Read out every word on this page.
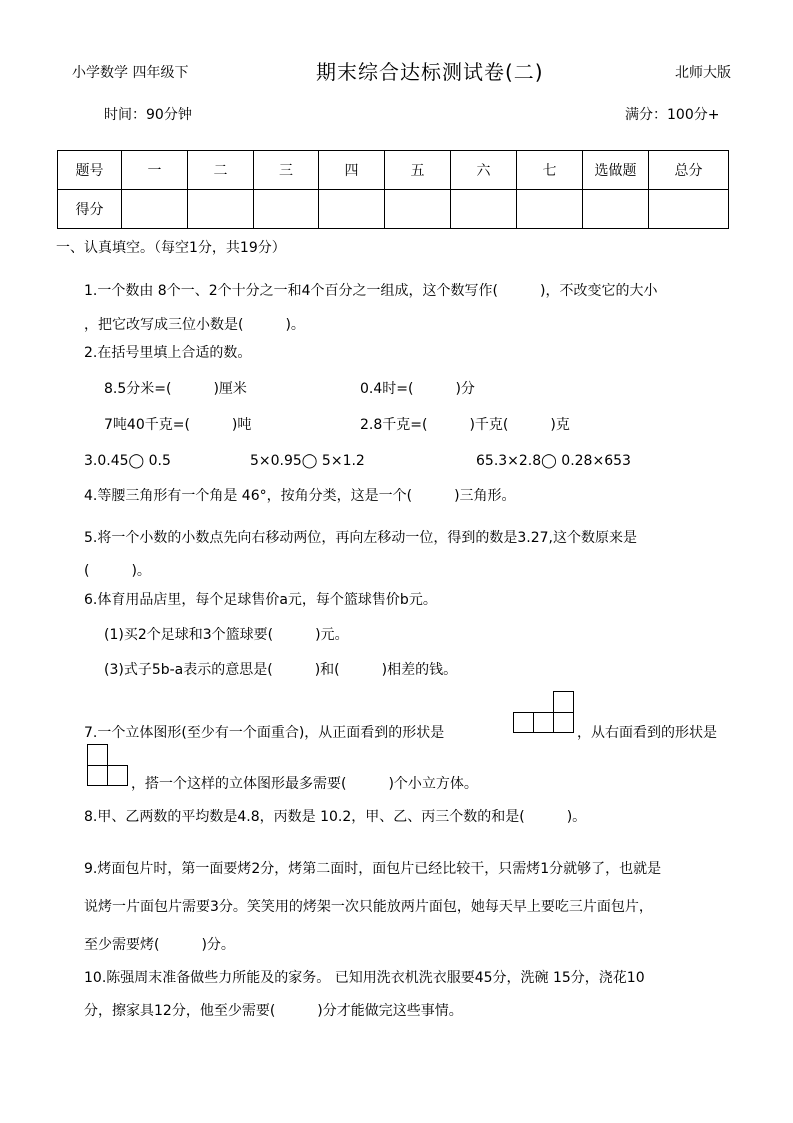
小学数学 四年级下	期末综合达标测试卷(二)	北师大版
时间：90分钟	满分：100分+
题号	一	二	三	四	五	六	七	选做题	总分
得分									
一、认真填空。（每空1分，共19分）
1.一个数由 8个一、2个十分之一和4个百分之一组成，这个数写作(　　　)，不改变它的大小
，把它改写成三位小数是(　　　)。
2.在括号里填上合适的数。
8.5分米=(　　　)厘米	0.4时=(　　　)分
7吨40千克=(　　　)吨	2.8千克=(　　　)千克(　　　)克
3.0.45◯ 0.5	5×0.95◯ 5×1.2	65.3×2.8◯ 0.28×653
4.等腰三角形有一个角是 46°，按角分类，这是一个(　　　)三角形。
5.将一个小数的小数点先向右移动两位，再向左移动一位，得到的数是3.27,这个数原来是
(　　　)。
6.体育用品店里，每个足球售价a元，每个篮球售价b元。
(1)买2个足球和3个篮球要(　　　)元。
(3)式子5b-a表示的意思是(　　　)和(　　　)相差的钱。
7.一个立体图形(至少有一个面重合)，从正面看到的形状是	，从右面看到的形状是
，搭一个这样的立体图形最多需要(　　　)个小立方体。
8.甲、乙两数的平均数是4.8，丙数是 10.2，甲、乙、丙三个数的和是(　　　)。
9.烤面包片时，第一面要烤2分，烤第二面时，面包片已经比较干，只需烤1分就够了，也就是
说烤一片面包片需要3分。笑笑用的烤架一次只能放两片面包，她每天早上要吃三片面包片，
至少需要烤(　　　)分。
10.陈强周末准备做些力所能及的家务。 已知用洗衣机洗衣服要45分，洗碗 15分，浇花10
分，擦家具12分，他至少需要(　　　)分才能做完这些事情。
